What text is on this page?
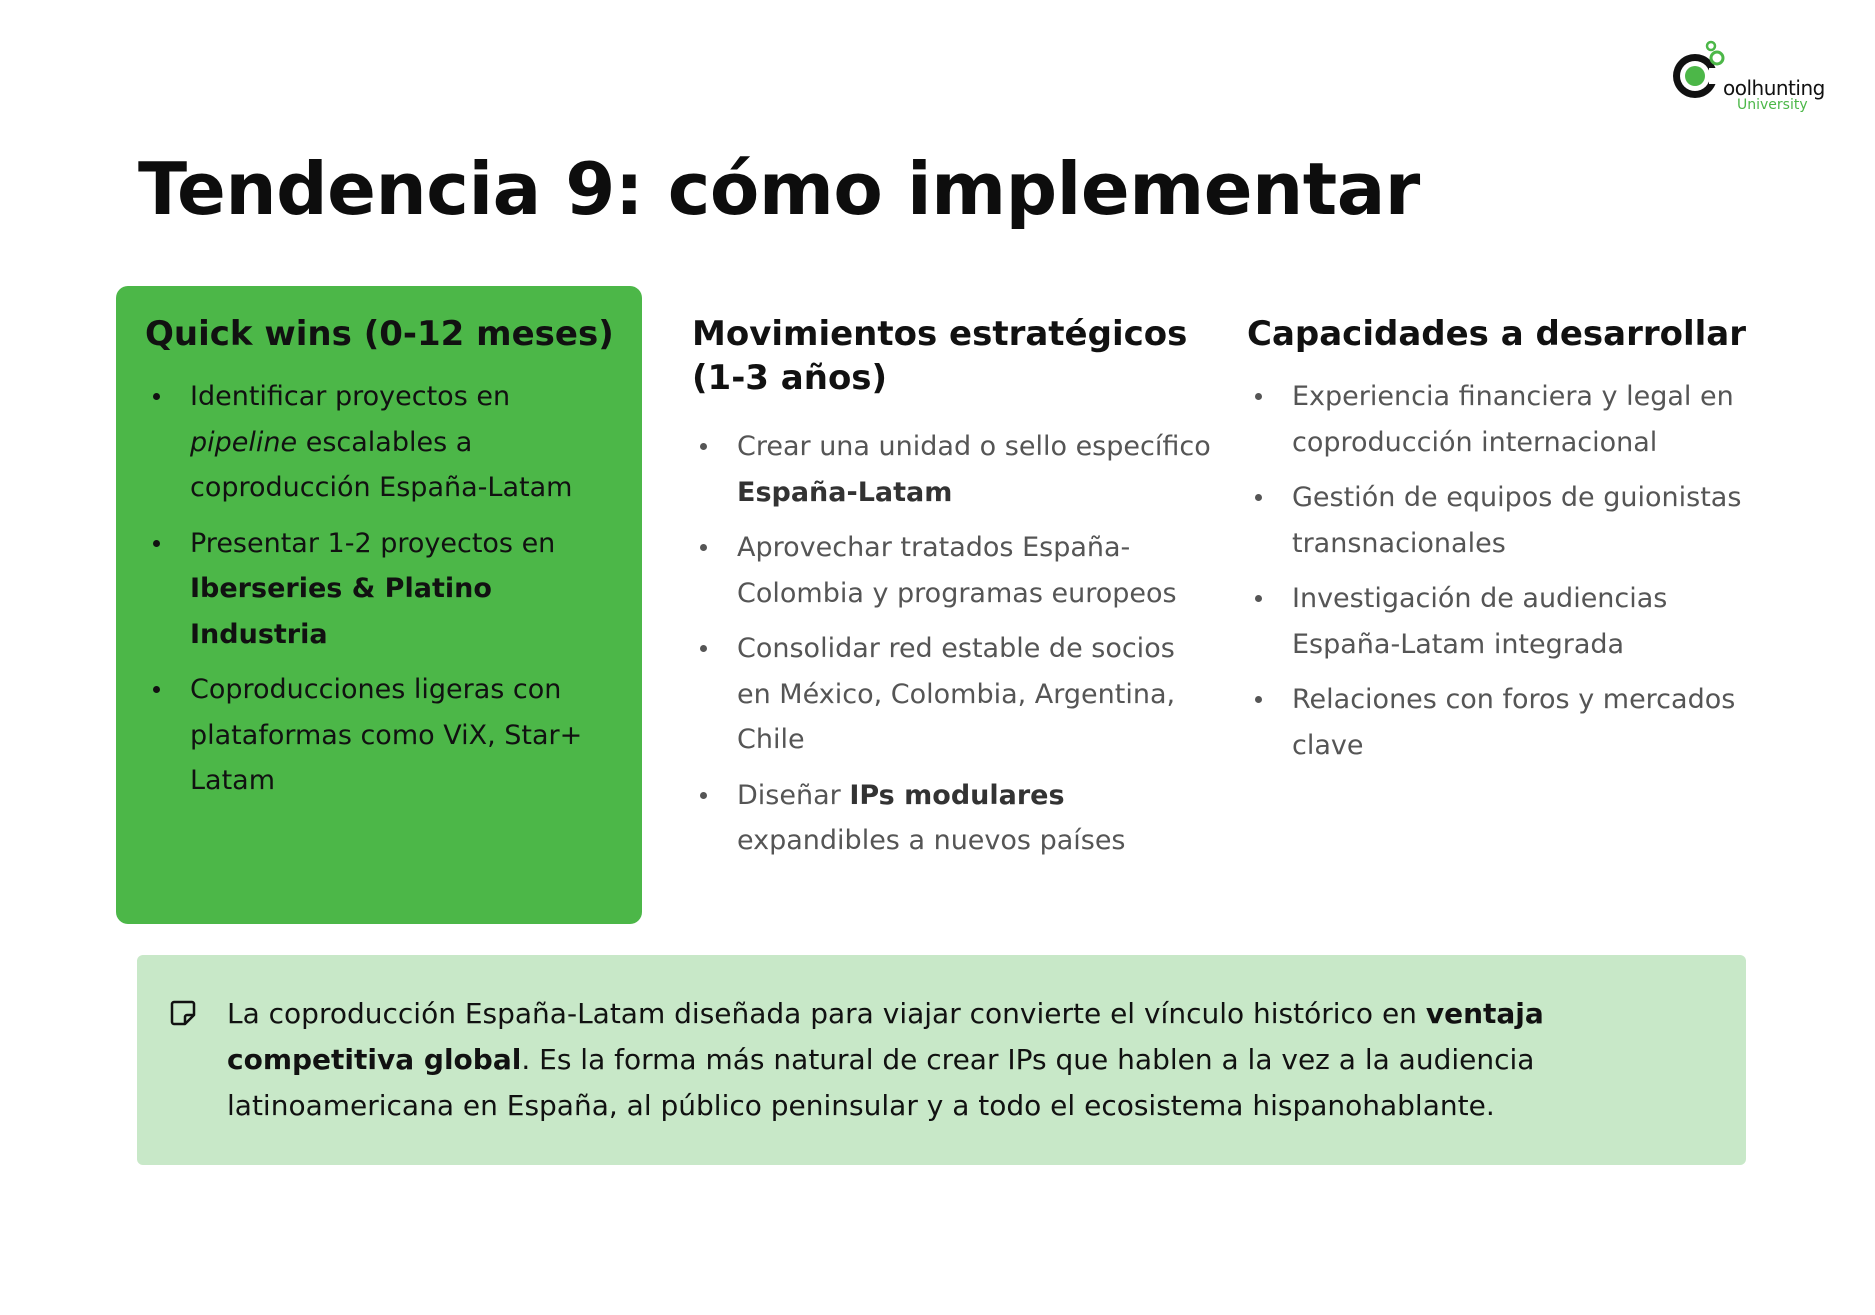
oolhunting
University
Tendencia 9: cómo implementar
Quick wins (0-12 meses)
Identificar proyectos en pipeline escalables a coproducción España-Latam
Presentar 1-2 proyectos en Iberseries & Platino Industria
Coproducciones ligeras con plataformas como ViX, Star+ Latam
Movimientos estratégicos (1-3 años)
Crear una unidad o sello específico España-Latam
Aprovechar tratados España-Colombia y programas europeos
Consolidar red estable de socios en México, Colombia, Argentina, Chile
Diseñar IPs modulares expandibles a nuevos países
Capacidades a desarrollar
Experiencia financiera y legal en coproducción internacional
Gestión de equipos de guionistas transnacionales
Investigación de audiencias España-Latam integrada
Relaciones con foros y mercados clave

La coproducción España-Latam diseñada para viajar convierte el vínculo histórico en ventaja competitiva global. Es la forma más natural de crear IPs que hablen a la vez a la audiencia latinoamericana en España, al público peninsular y a todo el ecosistema hispanohablante.
